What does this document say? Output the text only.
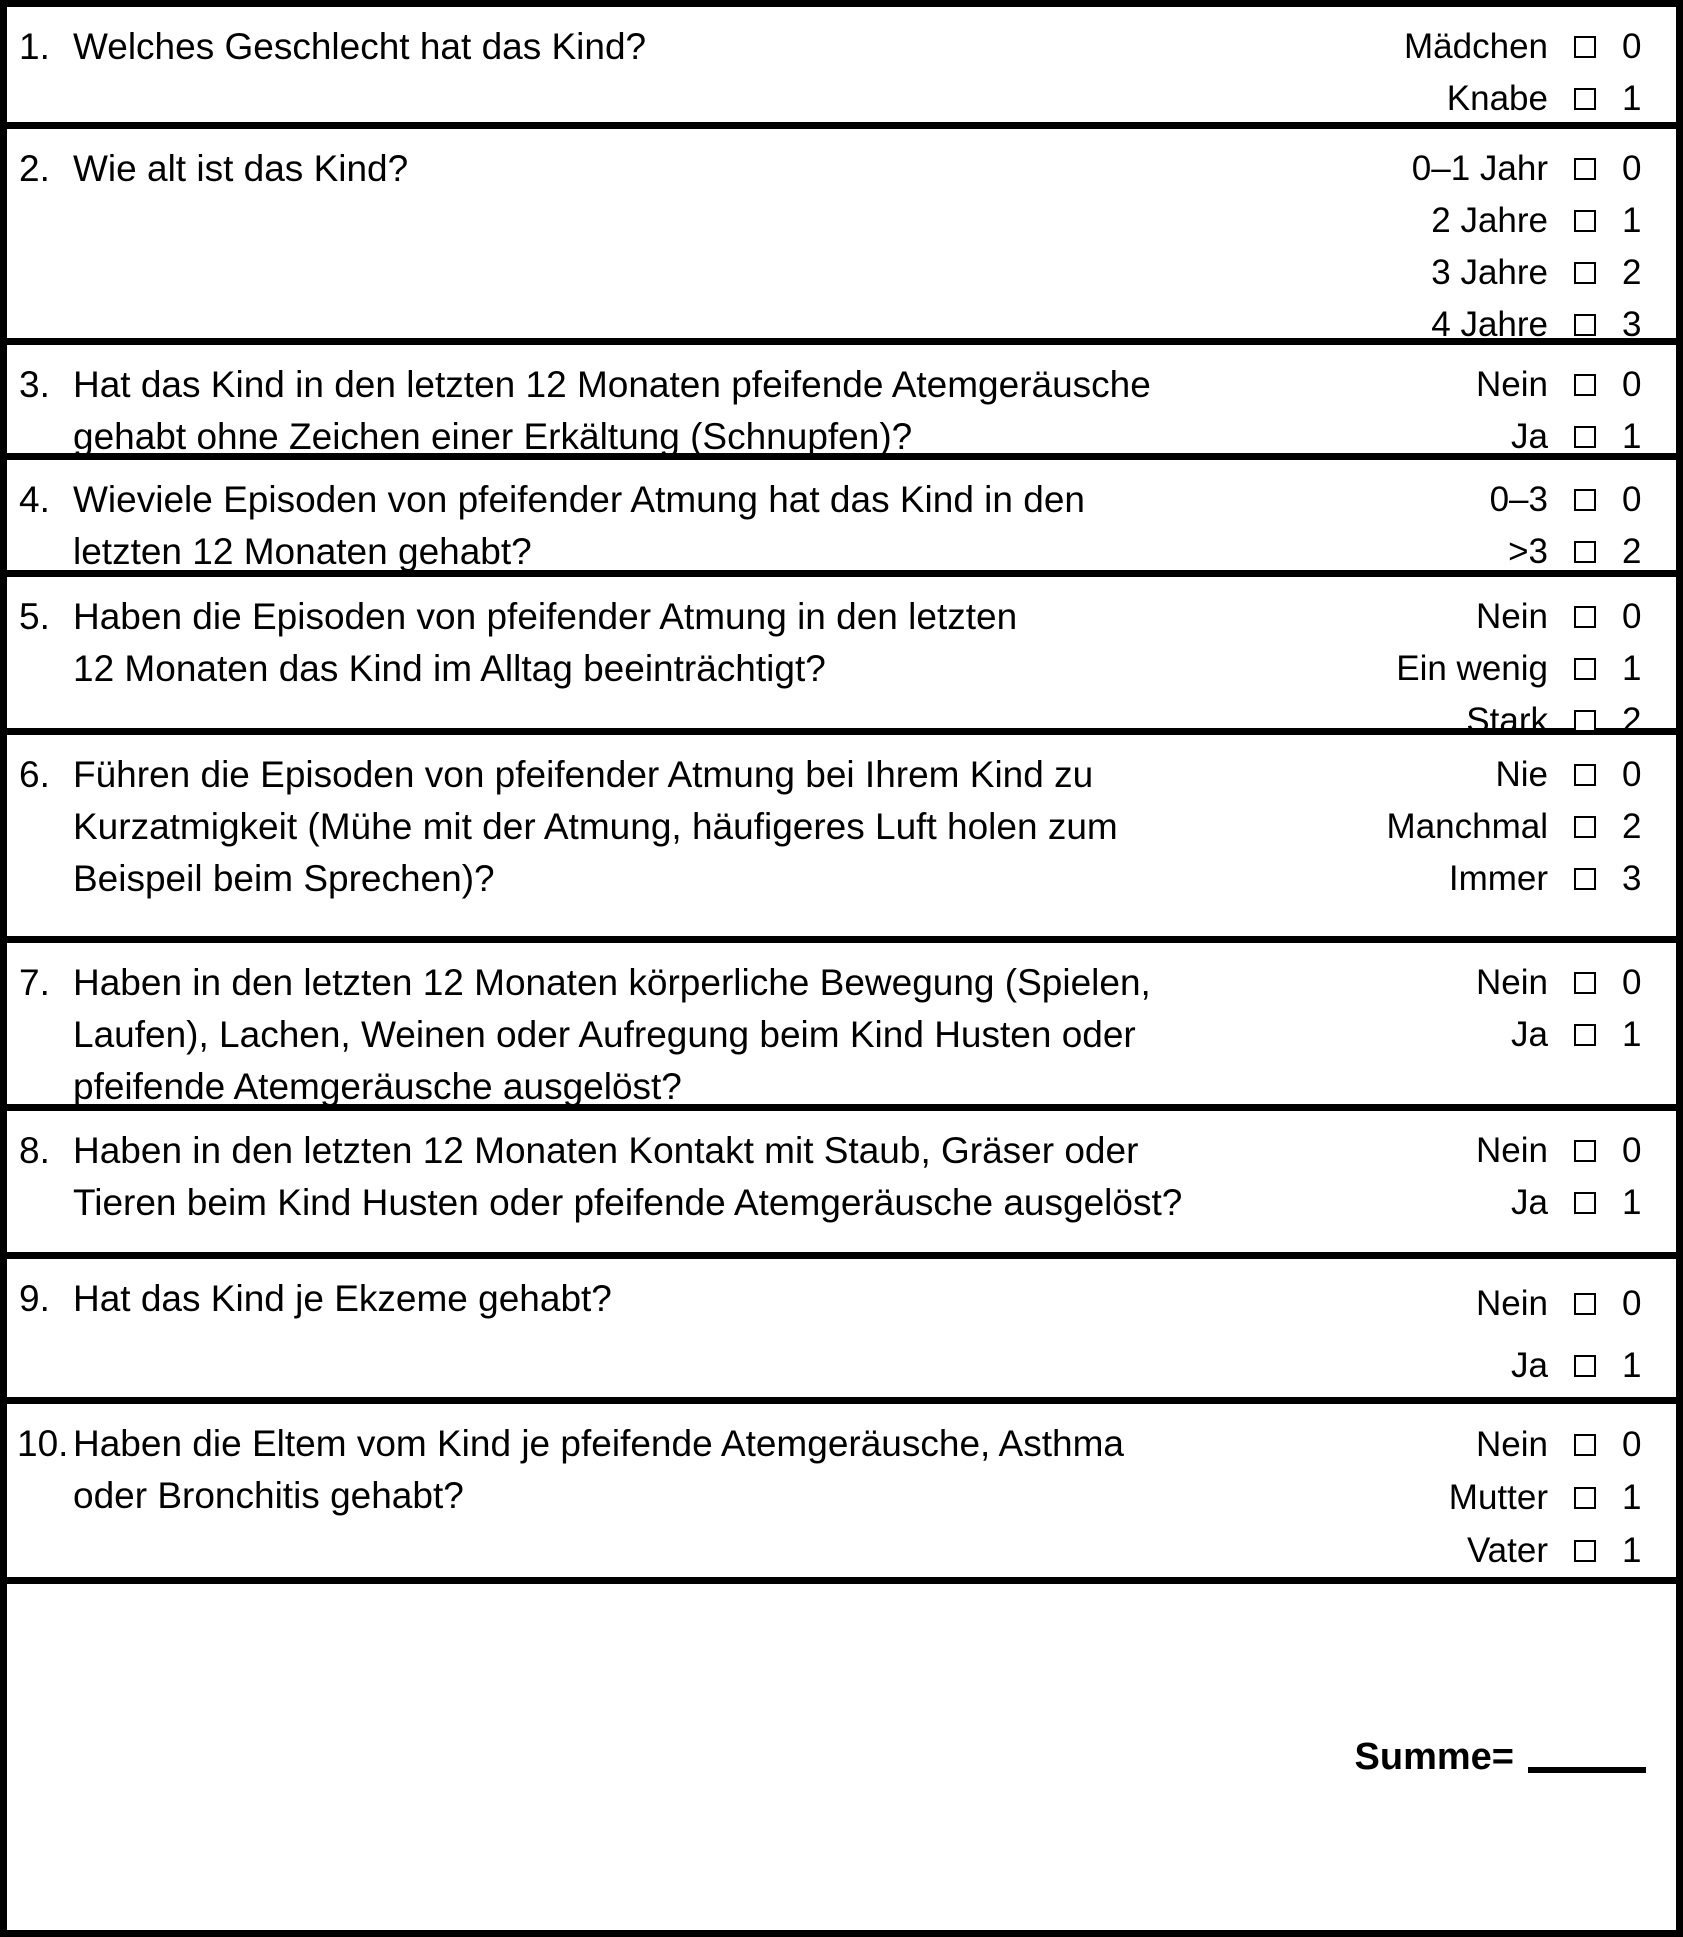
1. Welches Geschlecht hat das Kind?	Mädchen 0
Knabe 1
2. Wie alt ist das Kind?	0–1 Jahr 0
2 Jahre 1
3 Jahre 2
4 Jahre 3
3. Hat das Kind in den letzten 12 Monaten pfeifende Atemgeräusche
gehabt ohne Zeichen einer Erkältung (Schnupfen)?
Nein 0
Ja 1
4. Wieviele Episoden von pfeifender Atmung hat das Kind in den
letzten 12 Monaten gehabt?
0–3 0
>3 2
5. Haben die Episoden von pfeifender Atmung in den letzten
12 Monaten das Kind im Alltag beeinträchtigt?
Nein 0
Ein wenig 1
Stark 2
6. Führen die Episoden von pfeifender Atmung bei Ihrem Kind zu
Kurzatmigkeit (Mühe mit der Atmung, häufigeres Luft holen zum
Beispeil beim Sprechen)?
Nie 0
Manchmal 2
Immer 3
7. Haben in den letzten 12 Monaten körperliche Bewegung (Spielen,
Laufen), Lachen, Weinen oder Aufregung beim Kind Husten oder
pfeifende Atemgeräusche ausgelöst?
Nein 0
Ja 1
8. Haben in den letzten 12 Monaten Kontakt mit Staub, Gräser oder
Tieren beim Kind Husten oder pfeifende Atemgeräusche ausgelöst?
Nein 0
Ja 1
9. Hat das Kind je Ekzeme gehabt?	Nein 0
Ja 1
10. Haben die Eltem vom Kind je pfeifende Atemgeräusche, Asthma
oder Bronchitis gehabt?
Nein 0
Mutter 1
Vater 1
Summe=
